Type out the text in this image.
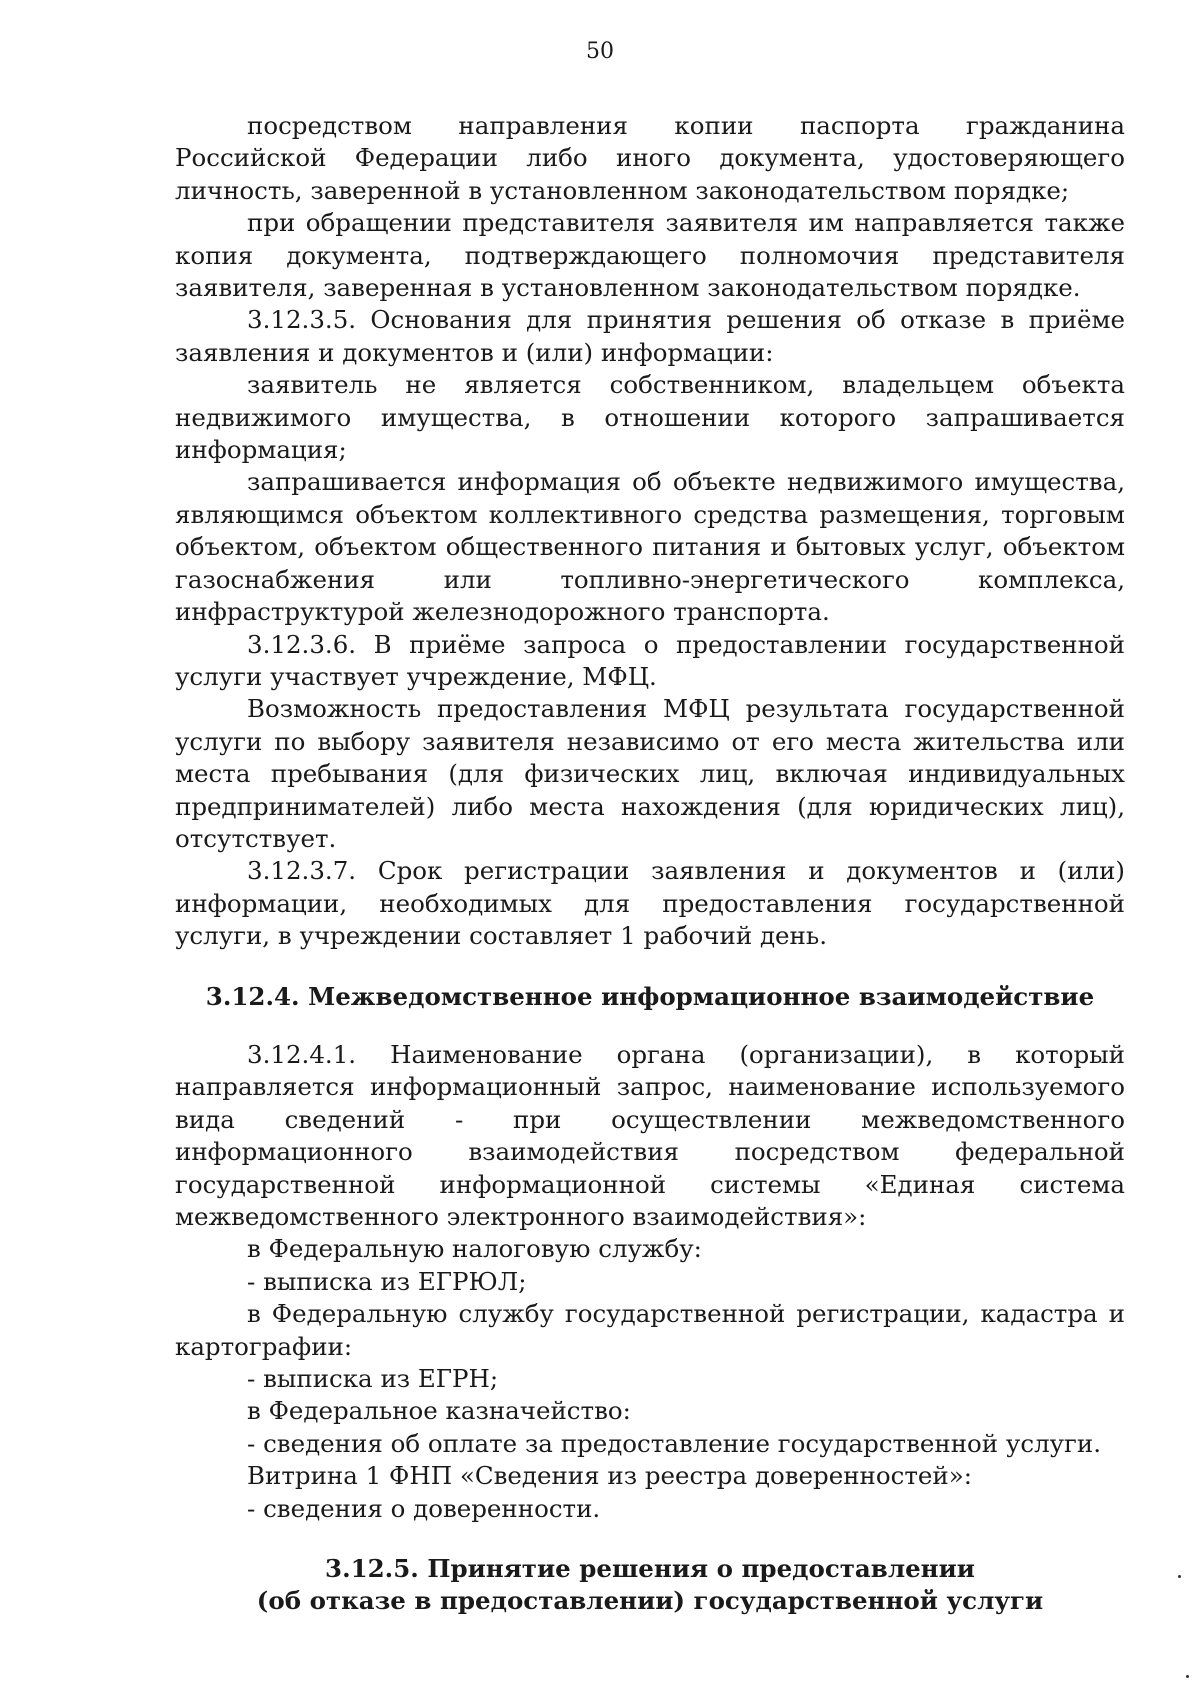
50

посредством направления копии паспорта гражданина Российской Федерации либо иного документа, удостоверяющего личность, заверенной в установленном законодательством порядке;

при обращении представителя заявителя им направляется также копия документа, подтверждающего полномочия представителя заявителя, заверенная в установленном законодательством порядке.

3.12.3.5. Основания для принятия решения об отказе в приёме заявления и документов и (или) информации:

заявитель не является собственником, владельцем объекта недвижимого имущества, в отношении которого запрашивается информация;

запрашивается информация об объекте недвижимого имущества, являющимся объектом коллективного средства размещения, торговым объектом, объектом общественного питания и бытовых услуг, объектом газоснабжения или топливно-энергетического комплекса, инфраструктурой железнодорожного транспорта.

3.12.3.6. В приёме запроса о предоставлении государственной услуги участвует учреждение, МФЦ.

Возможность предоставления МФЦ результата государственной услуги по выбору заявителя независимо от его места жительства или места пребывания (для физических лиц, включая индивидуальных предпринимателей) либо места нахождения (для юридических лиц), отсутствует.

3.12.3.7. Срок регистрации заявления и документов и (или) информации, необходимых для предоставления государственной услуги, в учреждении составляет 1 рабочий день.

3.12.4. Межведомственное информационное взаимодействие

3.12.4.1. Наименование органа (организации), в который направляется информационный запрос, наименование используемого вида сведений - при осуществлении межведомственного информационного взаимодействия посредством федеральной государственной информационной системы «Единая система межведомственного электронного взаимодействия»:

в Федеральную налоговую службу:

- выписка из ЕГРЮЛ;

в Федеральную службу государственной регистрации, кадастра и картографии:

- выписка из ЕГРН;

в Федеральное казначейство:

- сведения об оплате за предоставление государственной услуги.

Витрина 1 ФНП «Сведения из реестра доверенностей»:

- сведения о доверенности.

3.12.5. Принятие решения о предоставлении
(об отказе в предоставлении) государственной услуги
